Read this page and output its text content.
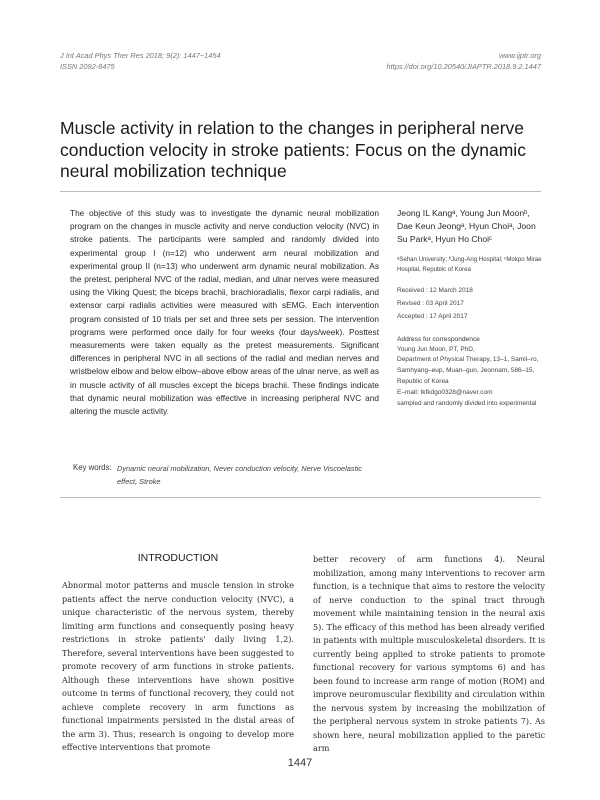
J Int Acad Phys Ther Res 2018; 9(2): 1447~1454
ISSN 2092-8475
www.ijptr.org
https://doi.org/10.20540/JIAPTR.2018.9.2.1447
Muscle activity in relation to the changes in peripheral nerve conduction velocity in stroke patients: Focus on the dynamic neural mobilization technique

The objective of this study was to investigate the dynamic neural mobilization program on the changes in muscle activity and nerve conduction velocity (NVC) in stroke patients. The participants were sampled and randomly divided into experimental group I (n=12) who underwent arm neural mobilization and experimental group II (n=13) who underwent arm dynamic neural mobilization. As the pretest, peripheral NVC of the radial, median, and ulnar nerves were measured using the Viking Quest; the biceps brachii, brachioradialis, flexor carpi radialis, and extensor carpi radialis activities were measured with sEMG. Each intervention program consisted of 10 trials per set and three sets per session. The intervention programs were performed once daily for four weeks (four days/week). Posttest measurements were taken equally as the pretest measurements. Significant differences in peripheral NVC in all sections of the radial and median nerves and wristbelow elbow and below elbow–above elbow areas of the ulnar nerve, as well as in muscle activity of all muscles except the biceps brachii. These findings indicate that dynamic neural mobilization was effective in increasing peripheral NVC and altering the muscle activity.

Jeong IL Kangᵃ, Young Jun Moonᵇ, Dae Keun Jeongᵃ, Hyun Choiᵃ, Joon Su Parkᵃ, Hyun Ho Choiᶜ

ᵃSehan University; ᵇJung-Ang Hospital; ᶜMokpo Mirae Hospital, Republic of Korea

Received : 12 March 2018
Revised : 03 April 2017
Accepted : 17 April 2017
Address for correspondence

Young Jun Moon, PT, PhD,

Department of Physical Therapy, 13–1, Samil–ro, Samhyang–eup, Muan–gun, Jeonnam, 586–15, Republic of Korea

E–mail: tkfkdgo0328@naver.com

sampled and randomly divided into experimental

Key words: Dynamic neural mobilization, Never conduction velocity, Nerve Viscoelastic effect, Stroke

INTRODUCTION

Abnormal motor patterns and muscle tension in stroke patients affect the nerve conduction velocity (NVC), a unique characteristic of the nervous system, thereby limiting arm functions and consequently posing heavy restrictions in stroke patients' daily living 1,2). Therefore, several interventions have been suggested to promote recovery of arm functions in stroke patients. Although these interventions have shown positive outcome in terms of functional recovery, they could not achieve complete recovery in arm functions as functional impairments persisted in the distal areas of the arm 3). Thus, research is ongoing to develop more effective interventions that promote

better recovery of arm functions 4). Neural mobilization, among many interventions to recover arm function, is a technique that aims to restore the velocity of nerve conduction to the spinal tract through movement while maintaining tension in the neural axis 5). The efficacy of this method has been already verified in patients with multiple musculoskeletal disorders. It is currently being applied to stroke patients to promote functional recovery for various symptoms 6) and has been found to increase arm range of motion (ROM) and improve neuromuscular flexibility and circulation within the nervous system by increasing the mobilization of the peripheral nervous system in stroke patients 7). As shown here, neural mobilization applied to the paretic arm

1447
